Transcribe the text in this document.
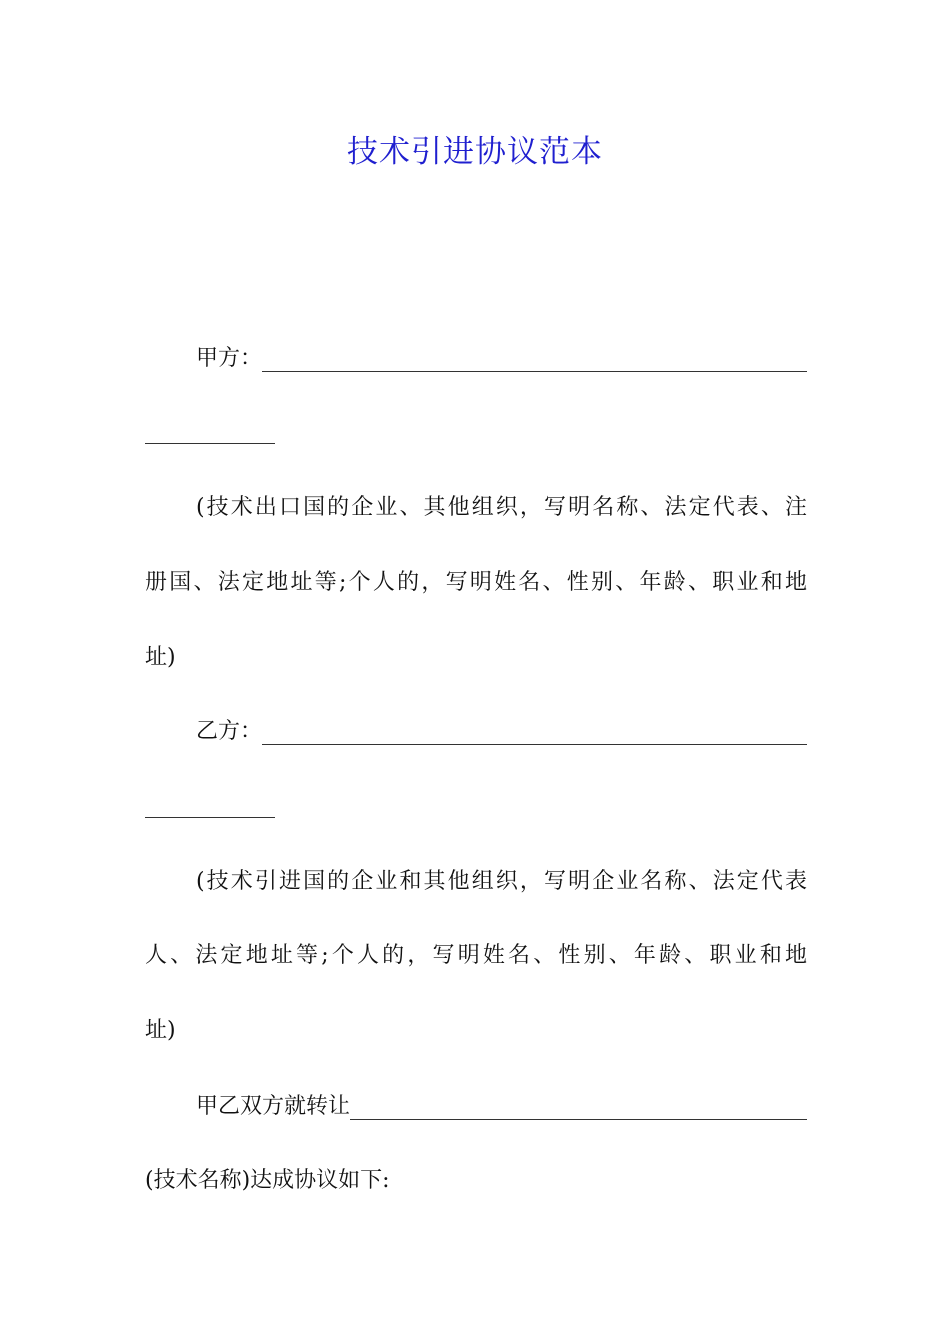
技术引进协议范本
甲方：
(技术出口国的企业、其他组织，写明名称、法定代表、注
册国、法定地址等;个人的，写明姓名、性别、年龄、职业和地
址)
乙方：
(技术引进国的企业和其他组织，写明企业名称、法定代表
人、法定地址等;个人的，写明姓名、性别、年龄、职业和地
址)
甲乙双方就转让
(技术名称)达成协议如下:
